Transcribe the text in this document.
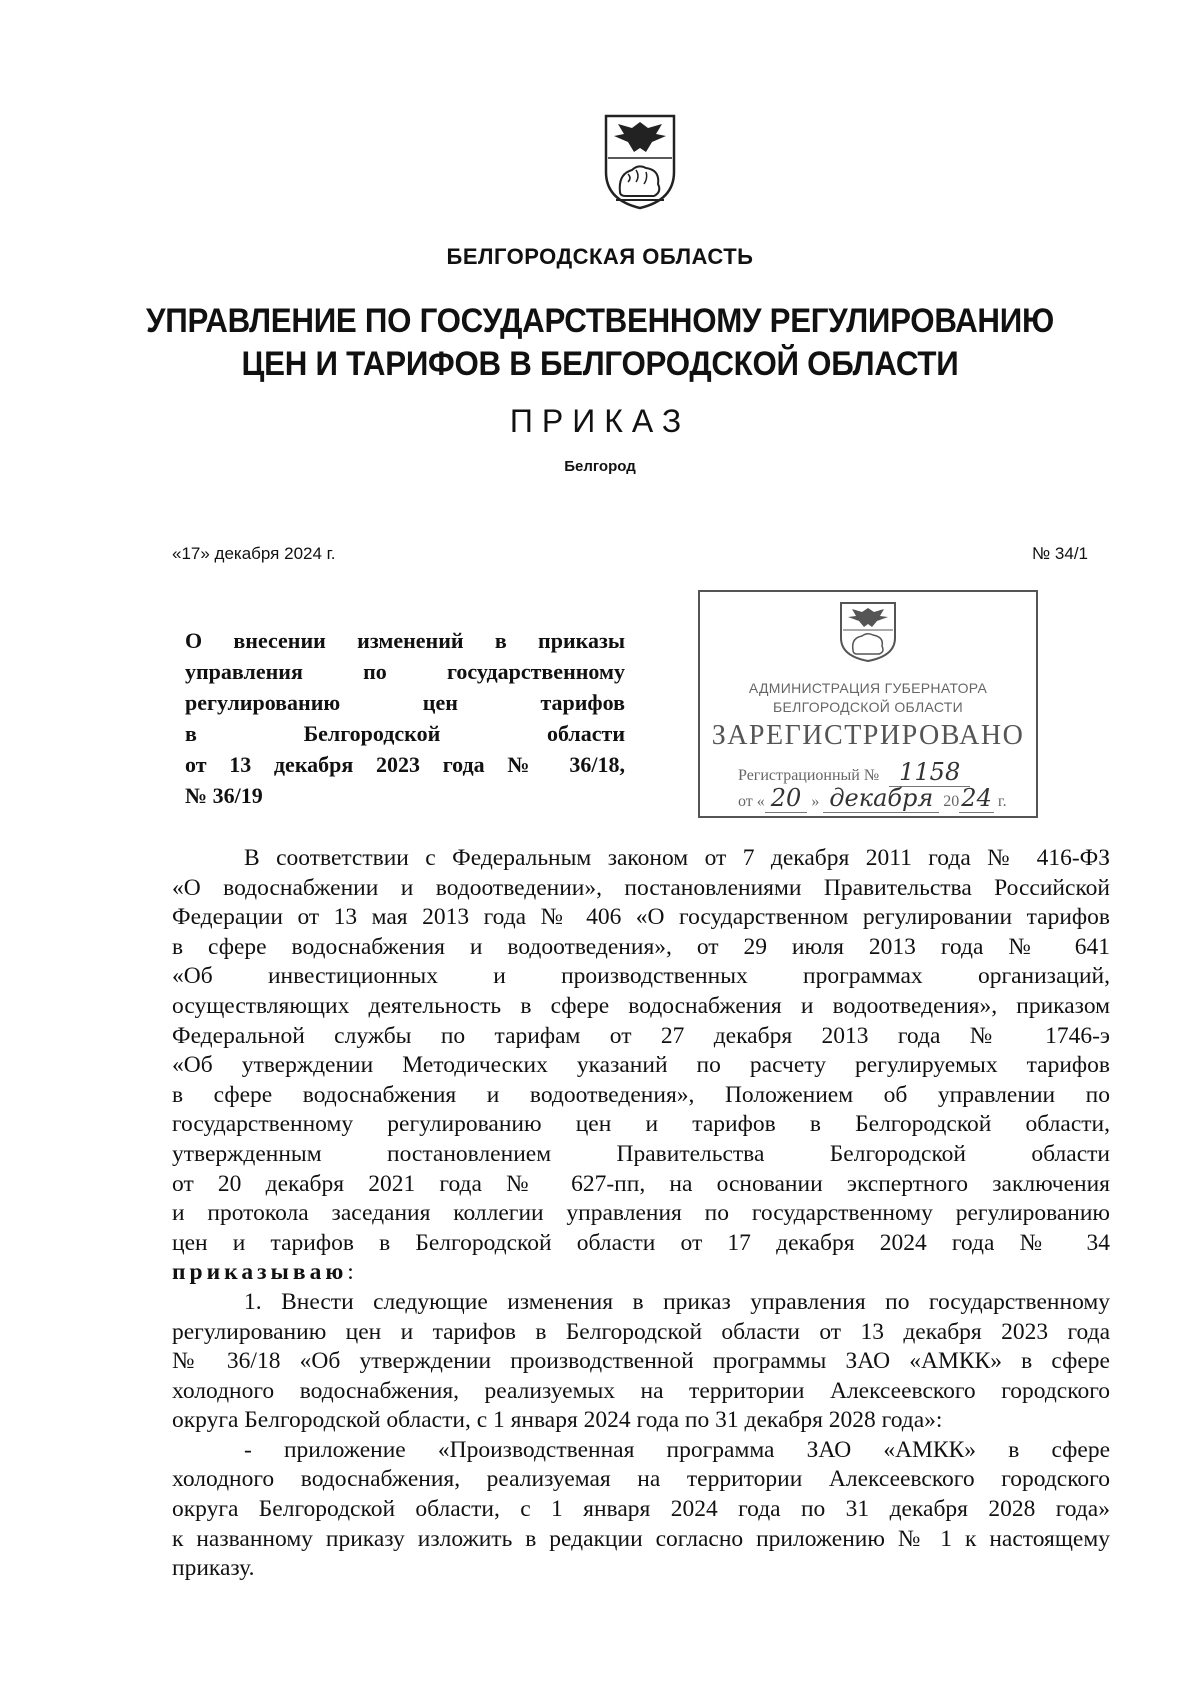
БЕЛГОРОДСКАЯ ОБЛАСТЬ
УПРАВЛЕНИЕ ПО ГОСУДАРСТВЕННОМУ РЕГУЛИРОВАНИЮ
ЦЕН И ТАРИФОВ В БЕЛГОРОДСКОЙ ОБЛАСТИ
ПРИКАЗ
Белгород
«17» декабря 2024 г.	№ 34/1
О внесении изменений в приказы
управления по государственному
регулированию цен тарифов
в Белгородской области
от 13 декабря 2023 года № 36/18,
№ 36/19
АДМИНИСТРАЦИЯ ГУБЕРНАТОРА
БЕЛГОРОДСКОЙ ОБЛАСТИ
ЗАРЕГИСТРИРОВАНО
Регистрационный № 1158
от « 20 » декабря 2024 г.
В соответствии с Федеральным законом от 7 декабря 2011 года № 416-ФЗ
«О водоснабжении и водоотведении», постановлениями Правительства Российской
Федерации от 13 мая 2013 года № 406 «О государственном регулировании тарифов
в сфере водоснабжения и водоотведения», от 29 июля 2013 года № 641
«Об инвестиционных и производственных программах организаций,
осуществляющих деятельность в сфере водоснабжения и водоотведения», приказом
Федеральной службы по тарифам от 27 декабря 2013 года № 1746-э
«Об утверждении Методических указаний по расчету регулируемых тарифов
в сфере водоснабжения и водоотведения», Положением об управлении по
государственному регулированию цен и тарифов в Белгородской области,
утвержденным постановлением Правительства Белгородской области
от 20 декабря 2021 года № 627-пп, на основании экспертного заключения
и протокола заседания коллегии управления по государственному регулированию
цен и тарифов в Белгородской области от 17 декабря 2024 года № 34
приказываю:
1. Внести следующие изменения в приказ управления по государственному
регулированию цен и тарифов в Белгородской области от 13 декабря 2023 года
№ 36/18 «Об утверждении производственной программы ЗАО «АМКК» в сфере
холодного водоснабжения, реализуемых на территории Алексеевского городского
округа Белгородской области, с 1 января 2024 года по 31 декабря 2028 года»:
- приложение «Производственная программа ЗАО «АМКК» в сфере
холодного водоснабжения, реализуемая на территории Алексеевского городского
округа Белгородской области, с 1 января 2024 года по 31 декабря 2028 года»
к названному приказу изложить в редакции согласно приложению № 1 к настоящему
приказу.
